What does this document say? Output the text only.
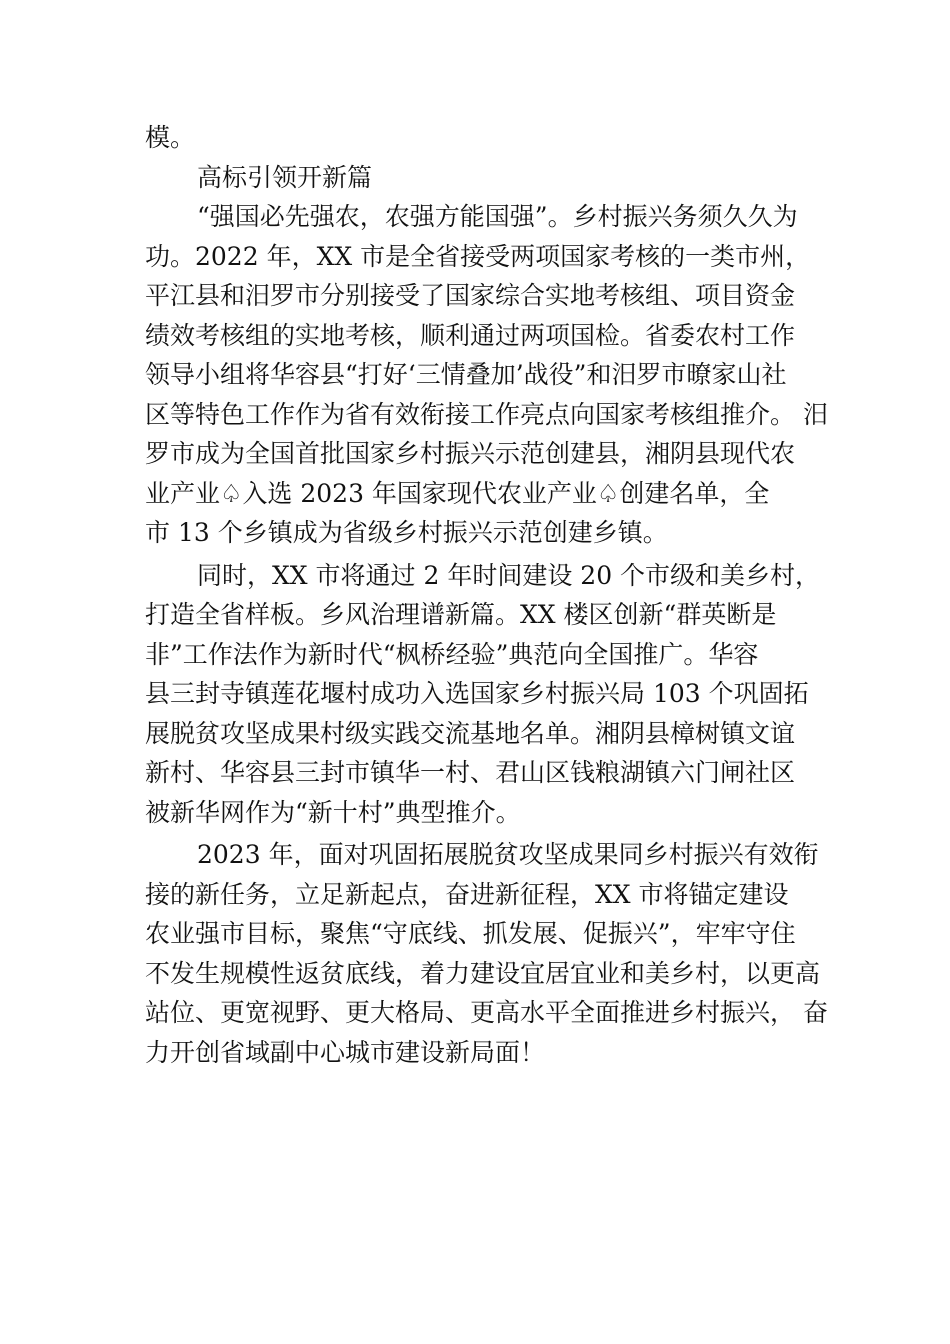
模。
高标引领开新篇
“强国必先强农，农强方能国强”。乡村振兴务须久久为
功。2022 年，XX 市是全省接受两项国家考核的一类市州，
平江县和汨罗市分别接受了国家综合实地考核组、项目资金
绩效考核组的实地考核，顺利通过两项国检。省委农村工作
领导小组将华容县“打好‘三情叠加’战役”和汨罗市暸家山社
区等特色工作作为省有效衔接工作亮点向国家考核组推介。 汨
罗市成为全国首批国家乡村振兴示范创建县，湘阴县现代农
业产业♤入选 2023 年国家现代农业产业♤创建名单，全
市 13 个乡镇成为省级乡村振兴示范创建乡镇。
同时，XX 市将通过 2 年时间建设 20 个市级和美乡村，
打造全省样板。乡风治理谱新篇。XX 楼区创新“群英断是
非”工作法作为新时代“枫桥经验”典范向全国推广。华容
县三封寺镇莲花堰村成功入选国家乡村振兴局 103 个巩固拓
展脱贫攻坚成果村级实践交流基地名单。湘阴县樟树镇文谊
新村、华容县三封市镇华一村、君山区钱粮湖镇六门闸社区
被新华网作为“新十村”典型推介。
2023 年，面对巩固拓展脱贫攻坚成果同乡村振兴有效衔
接的新任务，立足新起点，奋进新征程，XX 市将锚定建设
农业强市目标，聚焦“守底线、抓发展、促振兴”，牢牢守住
不发生规模性返贫底线，着力建设宜居宜业和美乡村，以更高
站位、更宽视野、更大格局、更高水平全面推进乡村振兴， 奋
力开创省域副中心城市建设新局面！
